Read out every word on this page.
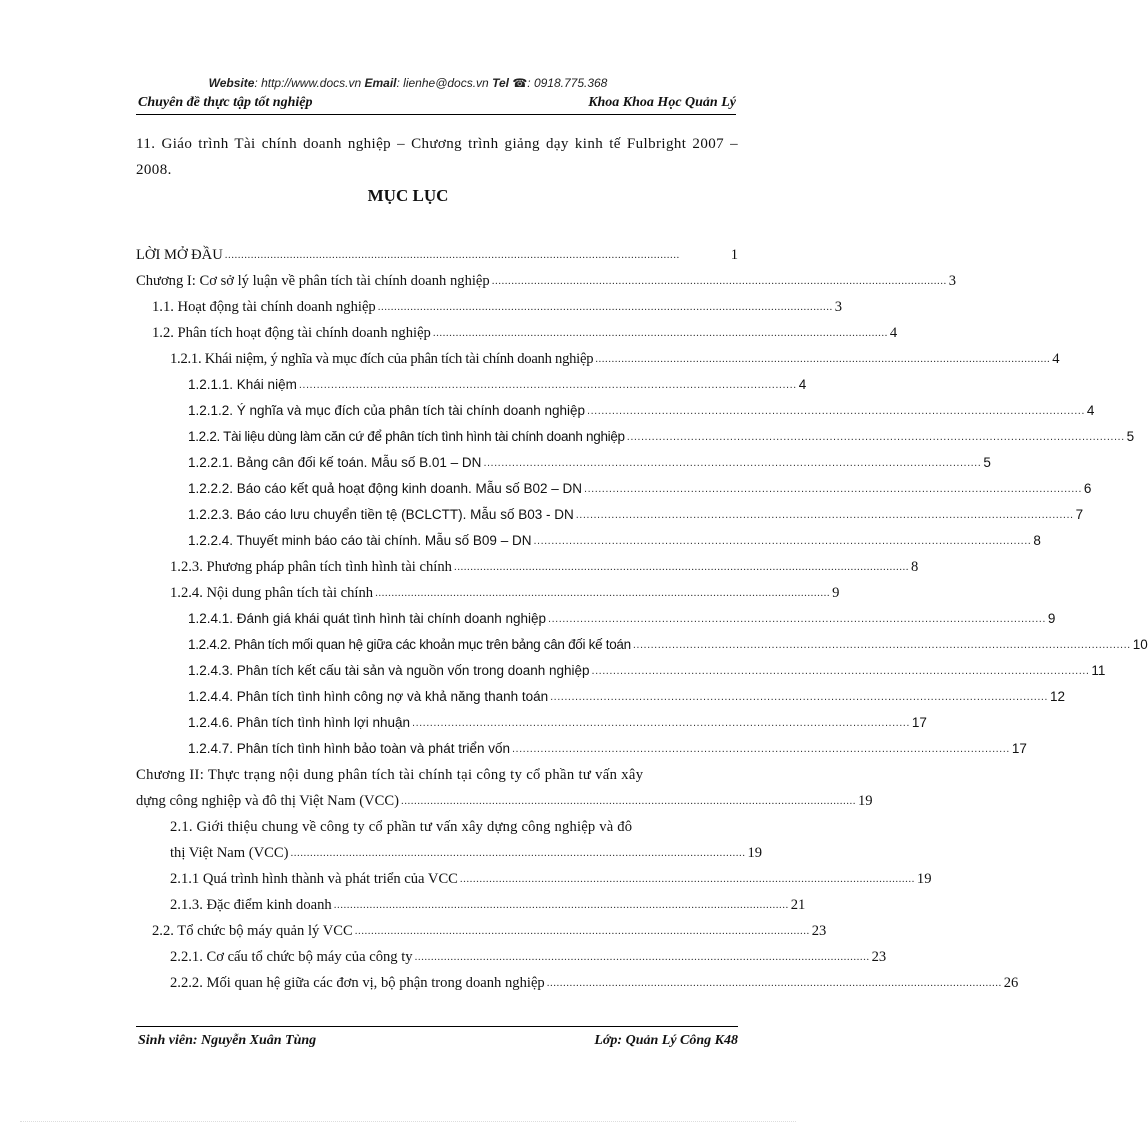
Website: http://www.docs.vn Email: lienhe@docs.vn Tel ☎: 0918.775.368
Chuyên đề thực tập tốt nghiệp	Khoa Khoa Học Quản Lý
11. Giáo trình Tài chính doanh nghiệp – Chương trình giảng dạy kinh tế Fulbright 2007 – 2008.
MỤC LỤC
LỜI MỞ ĐẦU ............................................................................................................................................	1
Chương I: Cơ sở lý luận về phân tích tài chính doanh nghiệp ............................................................................................................................................ 3
1.1. Hoạt động tài chính doanh nghiệp ............................................................................................................................................ 3
1.2. Phân tích hoạt động tài chính doanh nghiệp ............................................................................................................................................ 4
1.2.1. Khái niệm, ý nghĩa và mục đích của phân tích tài chính doanh nghiệp ............................................................................................................................................ 4
1.2.1.1. Khái niệm ............................................................................................................................................ 4
1.2.1.2. Ý nghĩa và mục đích của phân tích tài chính doanh nghiệp ............................................................................................................................................ 4
1.2.2. Tài liệu dùng làm căn cứ để phân tích tình hình tài chính doanh nghiệp ............................................................................................................................................ 5
1.2.2.1. Bảng cân đối kế toán. Mẫu số B.01 – DN ............................................................................................................................................ 5
1.2.2.2. Báo cáo kết quả hoạt động kinh doanh. Mẫu số B02 – DN ............................................................................................................................................ 6
1.2.2.3. Báo cáo lưu chuyển tiền tệ (BCLCTT). Mẫu số B03 - DN ............................................................................................................................................ 7
1.2.2.4. Thuyết minh báo cáo tài chính. Mẫu số B09 – DN ............................................................................................................................................ 8
1.2.3. Phương pháp phân tích tình hình tài chính ............................................................................................................................................ 8
1.2.4. Nội dung phân tích tài chính ............................................................................................................................................ 9
1.2.4.1. Đánh giá khái quát tình hình tài chính doanh nghiệp ............................................................................................................................................ 9
1.2.4.2. Phân tích mối quan hệ giữa các khoản mục trên bảng cân đối kế toán ............................................................................................................................................ 10
1.2.4.3. Phân tích kết cấu tài sản và nguồn vốn trong doanh nghiệp ............................................................................................................................................ 11
1.2.4.4. Phân tích tình hình công nợ và khả năng thanh toán ............................................................................................................................................ 12
1.2.4.6. Phân tích tình hình lợi nhuận ............................................................................................................................................ 17
1.2.4.7. Phân tích tình hình bảo toàn và phát triển vốn ............................................................................................................................................ 17
Chương II: Thực trạng nội dung phân tích tài chính tại công ty cổ phần tư vấn xây
dựng công nghiệp và đô thị Việt Nam (VCC) ............................................................................................................................................ 19
2.1. Giới thiệu chung về công ty cổ phần tư vấn xây dựng công nghiệp và đô
thị Việt Nam (VCC) ............................................................................................................................................ 19
2.1.1 Quá trình hình thành và phát triển của VCC ............................................................................................................................................ 19
2.1.3. Đặc điểm kinh doanh ............................................................................................................................................ 21
2.2. Tổ chức bộ máy quản lý VCC ............................................................................................................................................ 23
2.2.1. Cơ cấu tổ chức bộ máy của công ty ............................................................................................................................................ 23
2.2.2. Mối quan hệ giữa các đơn vị, bộ phận trong doanh nghiệp ............................................................................................................................................ 26
Sinh viên: Nguyễn Xuân Tùng	Lớp: Quản Lý Công K48
